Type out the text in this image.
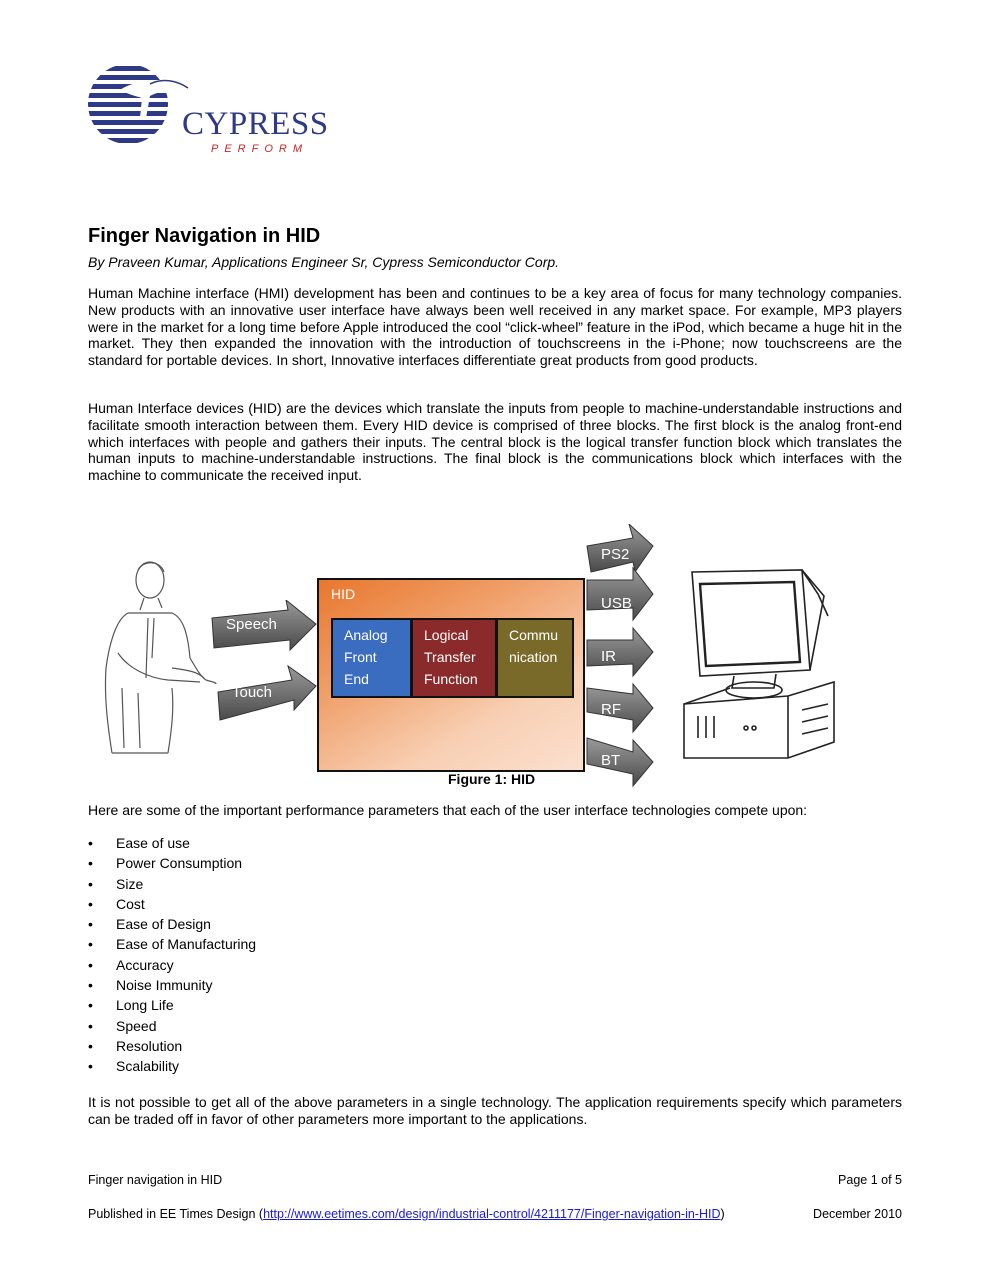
CYPRESS
PERFORM
Finger Navigation in HID
By Praveen Kumar, Applications Engineer Sr, Cypress Semiconductor Corp.
Human Machine interface (HMI) development has been and continues to be a key area of focus for many technology companies. New products with an innovative user interface have always been well received in any market space. For example, MP3 players were in the market for a long time before Apple introduced the cool “click-wheel” feature in the iPod, which became a huge hit in the market. They then expanded the innovation with the introduction of touchscreens in the i-Phone; now touchscreens are the standard for portable devices. In short, Innovative interfaces differentiate great products from good products.
Human Interface devices (HID) are the devices which translate the inputs from people to machine-understandable instructions and facilitate smooth interaction between them. Every HID device is comprised of three blocks. The first block is the analog front-end which interfaces with people and gathers their inputs. The central block is the logical transfer function block which translates the human inputs to machine-understandable instructions. The final block is the communications block which interfaces with the machine to communicate the received input.
Speech
Touch
HID
Analog
Front
End
Logical
Transfer
Function
Commu
nication
PS2
USB
IR
RF
BT
Figure 1: HID
Here are some of the important performance parameters that each of the user interface technologies compete upon:
• Ease of use
• Power Consumption
• Size
• Cost
• Ease of Design
• Ease of Manufacturing
• Accuracy
• Noise Immunity
• Long Life
• Speed
• Resolution
• Scalability
It is not possible to get all of the above parameters in a single technology. The application requirements specify which parameters can be traded off in favor of other parameters more important to the applications.
Finger navigation in HID	Page 1 of 5
Published in EE Times Design (http://www.eetimes.com/design/industrial-control/4211177/Finger-navigation-in-HID)	December 2010
